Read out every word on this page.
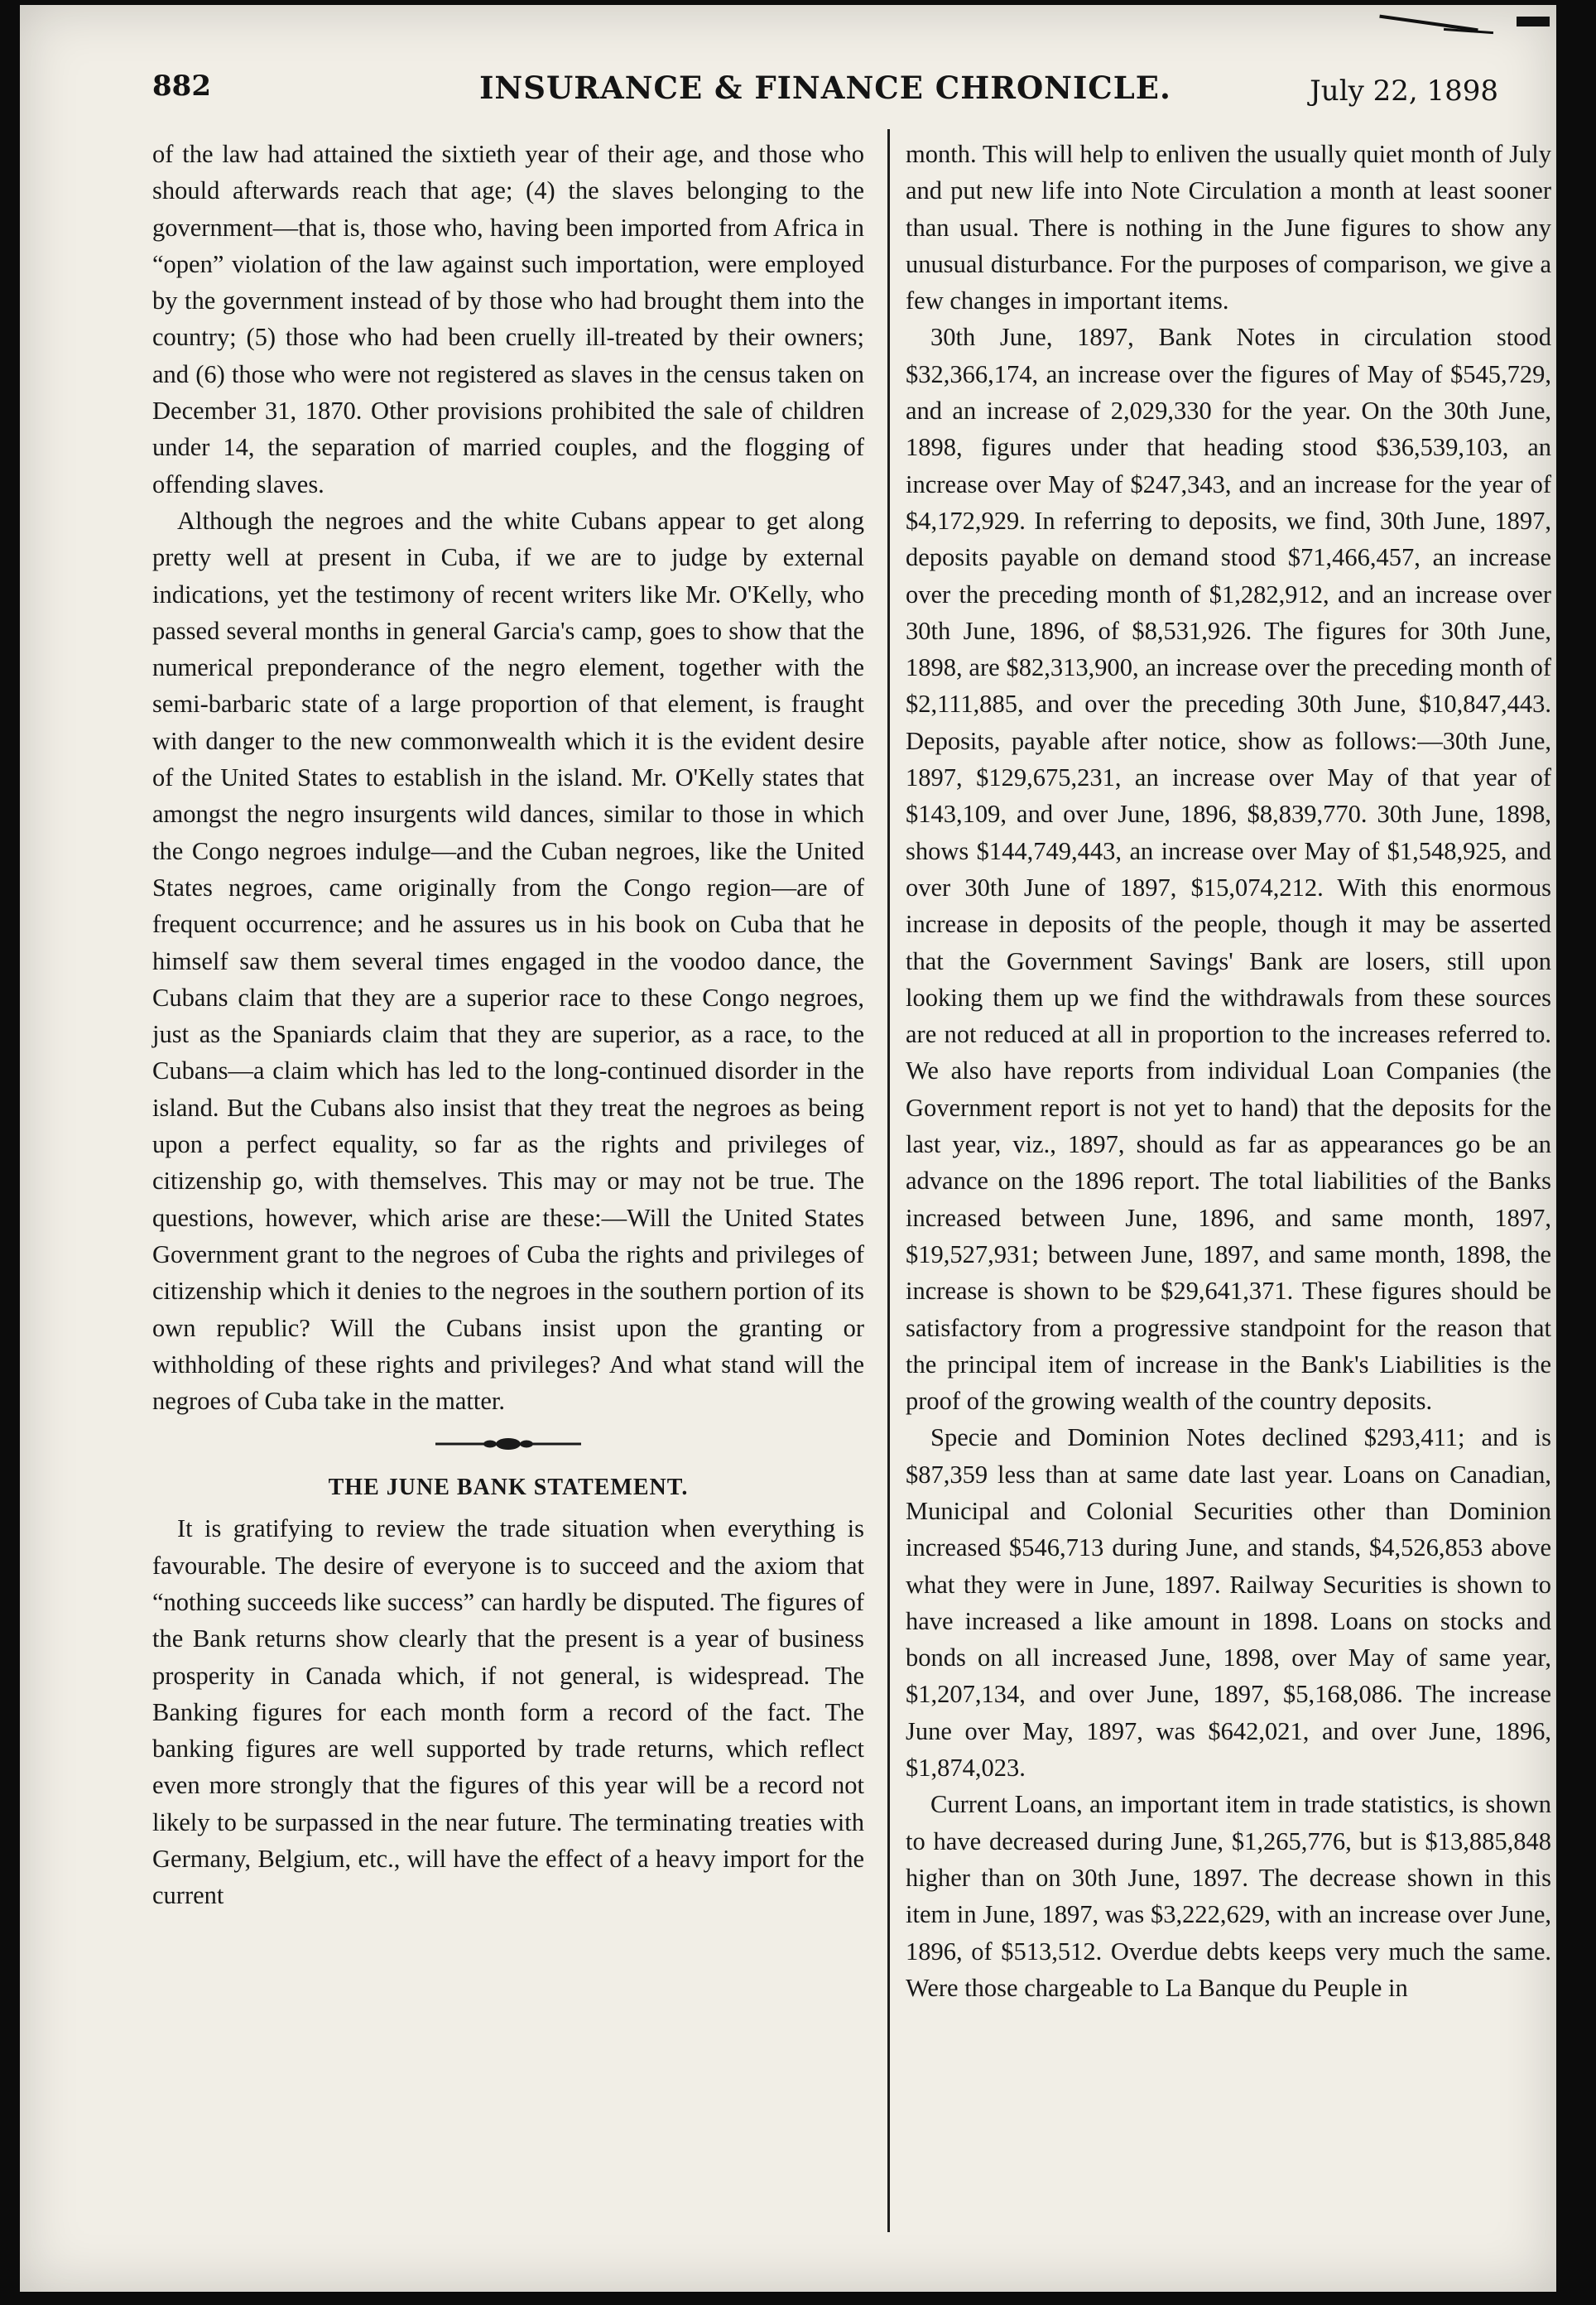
882	INSURANCE & FINANCE CHRONICLE.	July 22, 1898

of the law had attained the sixtieth year of their age, and those who should afterwards reach that age; (4) the slaves belonging to the government—that is, those who, having been imported from Africa in “open” violation of the law against such importation, were employed by the government instead of by those who had brought them into the country; (5) those who had been cruelly ill-treated by their owners; and (6) those who were not registered as slaves in the census taken on December 31, 1870. Other provisions prohibited the sale of children under 14, the separation of married couples, and the flogging of offending slaves.

Although the negroes and the white Cubans appear to get along pretty well at present in Cuba, if we are to judge by external indications, yet the testimony of recent writers like Mr. O'Kelly, who passed several months in general Garcia's camp, goes to show that the numerical preponderance of the negro element, together with the semi-barbaric state of a large proportion of that element, is fraught with danger to the new commonwealth which it is the evident desire of the United States to establish in the island. Mr. O'Kelly states that amongst the negro insurgents wild dances, similar to those in which the Congo negroes indulge—and the Cuban negroes, like the United States negroes, came originally from the Congo region—are of frequent occurrence; and he assures us in his book on Cuba that he himself saw them several times engaged in the voodoo dance, the Cubans claim that they are a superior race to these Congo negroes, just as the Spaniards claim that they are superior, as a race, to the Cubans—a claim which has led to the long-continued disorder in the island. But the Cubans also insist that they treat the negroes as being upon a perfect equality, so far as the rights and privileges of citizenship go, with themselves. This may or may not be true. The questions, however, which arise are these:—Will the United States Government grant to the negroes of Cuba the rights and privileges of citizenship which it denies to the negroes in the southern portion of its own republic? Will the Cubans insist upon the granting or withholding of these rights and privileges? And what stand will the negroes of Cuba take in the matter.

THE JUNE BANK STATEMENT.

It is gratifying to review the trade situation when everything is favourable. The desire of everyone is to succeed and the axiom that “nothing succeeds like success” can hardly be disputed. The figures of the Bank returns show clearly that the present is a year of business prosperity in Canada which, if not general, is widespread. The Banking figures for each month form a record of the fact. The banking figures are well supported by trade returns, which reflect even more strongly that the figures of this year will be a record not likely to be surpassed in the near future. The terminating treaties with Germany, Belgium, etc., will have the effect of a heavy import for the current

month. This will help to enliven the usually quiet month of July and put new life into Note Circulation a month at least sooner than usual. There is nothing in the June figures to show any unusual disturbance. For the purposes of comparison, we give a few changes in important items.

30th June, 1897, Bank Notes in circulation stood $32,366,174, an increase over the figures of May of $545,729, and an increase of 2,029,330 for the year. On the 30th June, 1898, figures under that heading stood $36,539,103, an increase over May of $247,343, and an increase for the year of $4,172,929. In referring to deposits, we find, 30th June, 1897, deposits payable on demand stood $71,466,457, an increase over the preceding month of $1,282,912, and an increase over 30th June, 1896, of $8,531,926. The figures for 30th June, 1898, are $82,313,900, an increase over the preceding month of $2,111,885, and over the preceding 30th June, $10,847,443. Deposits, payable after notice, show as follows:—30th June, 1897, $129,675,231, an increase over May of that year of $143,109, and over June, 1896, $8,839,770. 30th June, 1898, shows $144,749,443, an increase over May of $1,548,925, and over 30th June of 1897, $15,074,212. With this enormous increase in deposits of the people, though it may be asserted that the Government Savings' Bank are losers, still upon looking them up we find the withdrawals from these sources are not reduced at all in proportion to the increases referred to. We also have reports from individual Loan Companies (the Government report is not yet to hand) that the deposits for the last year, viz., 1897, should as far as appearances go be an advance on the 1896 report. The total liabilities of the Banks increased between June, 1896, and same month, 1897, $19,527,931; between June, 1897, and same month, 1898, the increase is shown to be $29,641,371. These figures should be satisfactory from a progressive standpoint for the reason that the principal item of increase in the Bank's Liabilities is the proof of the growing wealth of the country deposits.

Specie and Dominion Notes declined $293,411; and is $87,359 less than at same date last year. Loans on Canadian, Municipal and Colonial Securities other than Dominion increased $546,713 during June, and stands, $4,526,853 above what they were in June, 1897. Railway Securities is shown to have increased a like amount in 1898. Loans on stocks and bonds on all increased June, 1898, over May of same year, $1,207,134, and over June, 1897, $5,168,086. The increase June over May, 1897, was $642,021, and over June, 1896, $1,874,023.

Current Loans, an important item in trade statistics, is shown to have decreased during June, $1,265,776, but is $13,885,848 higher than on 30th June, 1897. The decrease shown in this item in June, 1897, was $3,222,629, with an increase over June, 1896, of $513,512. Overdue debts keeps very much the same. Were those chargeable to La Banque du Peuple in
